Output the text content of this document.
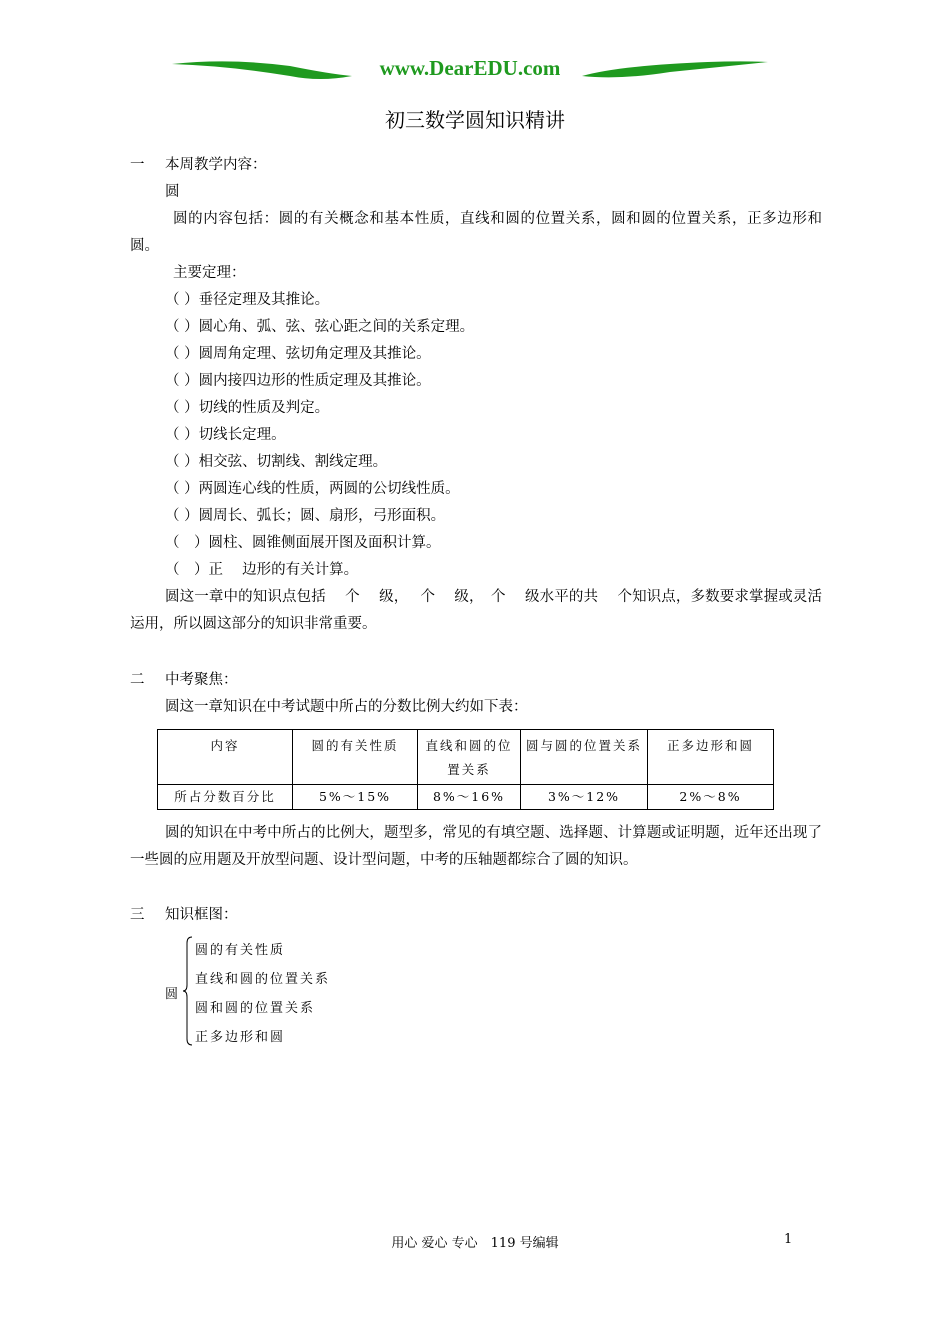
www.DearEDU.com
初三数学圆知识精讲
一	本周教学内容：
圆
圆的内容包括：圆的有关概念和基本性质，直线和圆的位置关系，圆和圆的位置关系，正多边形和圆。
主要定理：
（ ）垂径定理及其推论。
（ ）圆心角、弧、弦、弦心距之间的关系定理。
（ ）圆周角定理、弦切角定理及其推论。
（ ）圆内接四边形的性质定理及其推论。
（ ）切线的性质及判定。
（ ）切线长定理。
（ ）相交弦、切割线、割线定理。
（ ）两圆连心线的性质，两圆的公切线性质。
（ ）圆周长、弧长；圆、扇形，弓形面积。
（　）圆柱、圆锥侧面展开图及面积计算。
（　）正　 边形的有关计算。
圆这一章中的知识点包括　 个　 级，　 个　 级，　个　 级水平的共　 个知识点，多数要求掌握或灵活运用，所以圆这部分的知识非常重要。
二	中考聚焦：
圆这一章知识在中考试题中所占的分数比例大约如下表：
内容	圆的有关性质	直线和圆的位置关系	圆与圆的位置关系	正多边形和圆
所占分数百分比	5%～15%	8%～16%	3%～12%	2%～8%
圆的知识在中考中所占的比例大，题型多，常见的有填空题、选择题、计算题或证明题，近年还出现了一些圆的应用题及开放型问题、设计型问题，中考的压轴题都综合了圆的知识。
三	知识框图：
圆
圆的有关性质
直线和圆的位置关系
圆和圆的位置关系
正多边形和圆
用心 爱心 专心　119 号编辑	1
